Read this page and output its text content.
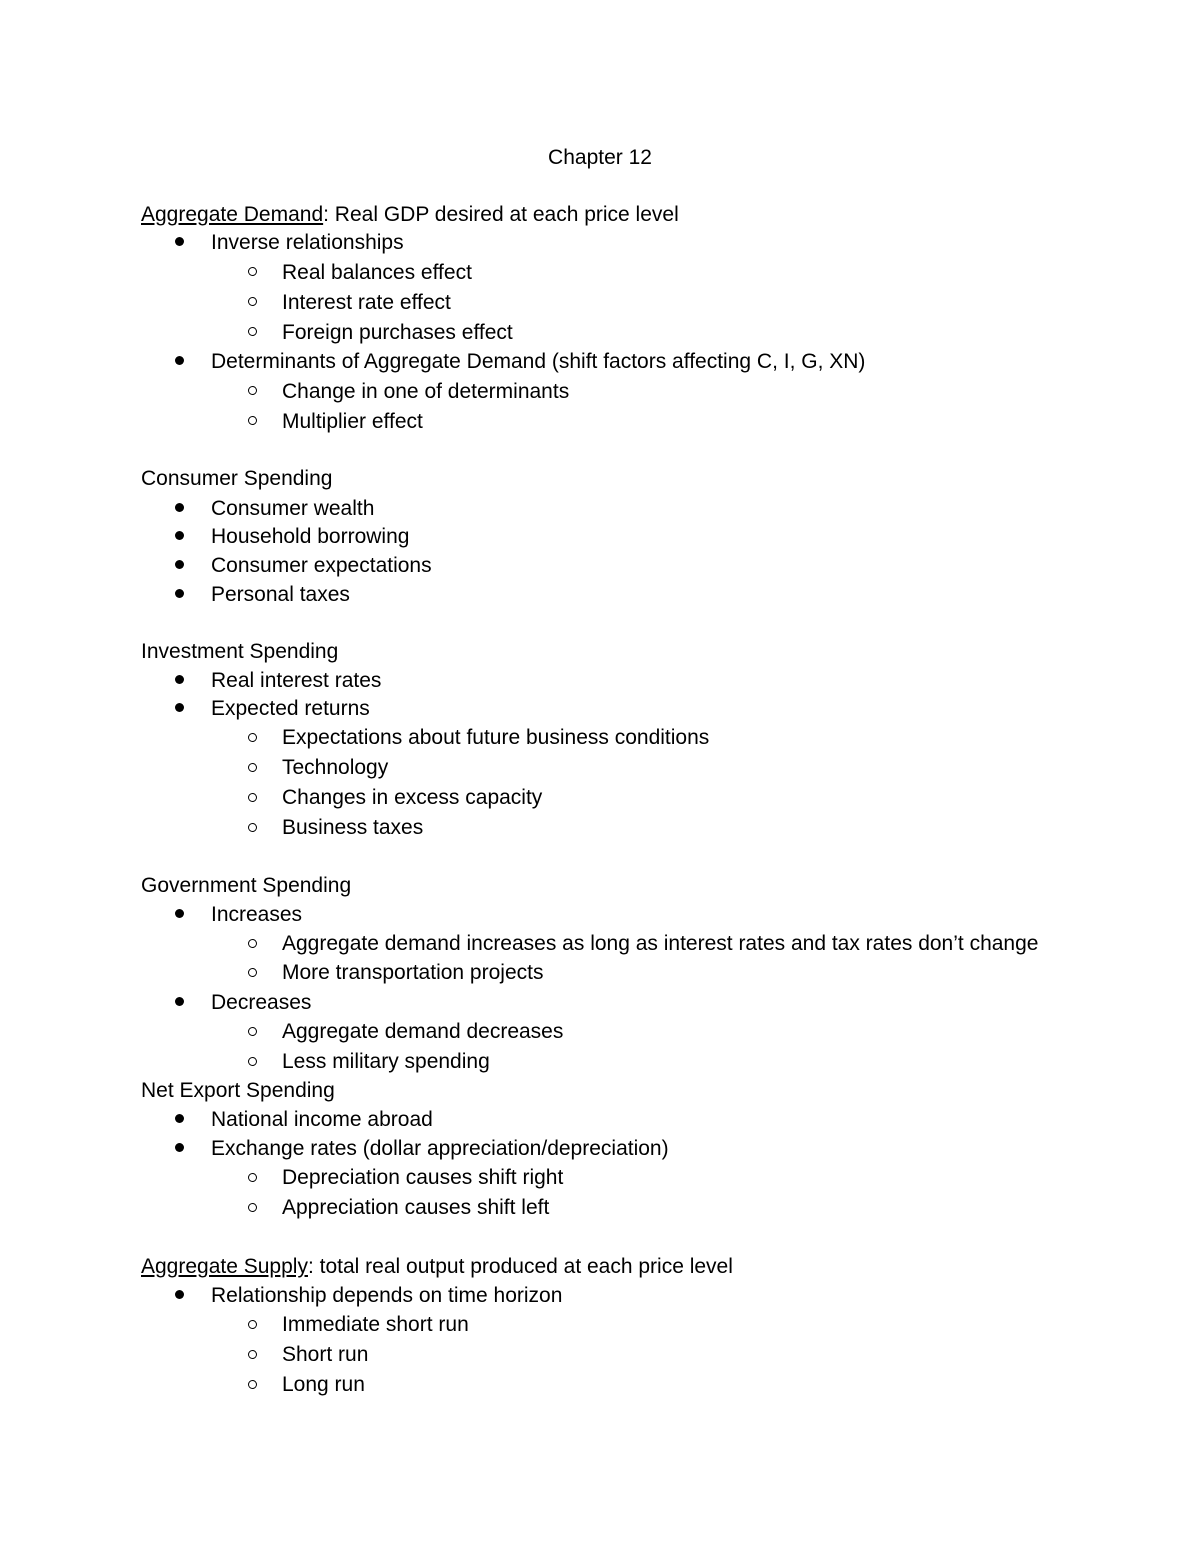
Chapter 12
Aggregate Demand: Real GDP desired at each price level
Inverse relationships
Real balances effect
Interest rate effect
Foreign purchases effect
Determinants of Aggregate Demand (shift factors affecting C, I, G, XN)
Change in one of determinants
Multiplier effect
Consumer Spending
Consumer wealth
Household borrowing
Consumer expectations
Personal taxes
Investment Spending
Real interest rates
Expected returns
Expectations about future business conditions
Technology
Changes in excess capacity
Business taxes
Government Spending
Increases
Aggregate demand increases as long as interest rates and tax rates don’t change
More transportation projects
Decreases
Aggregate demand decreases
Less military spending
Net Export Spending
National income abroad
Exchange rates (dollar appreciation/depreciation)
Depreciation causes shift right
Appreciation causes shift left
Aggregate Supply: total real output produced at each price level
Relationship depends on time horizon
Immediate short run
Short run
Long run
